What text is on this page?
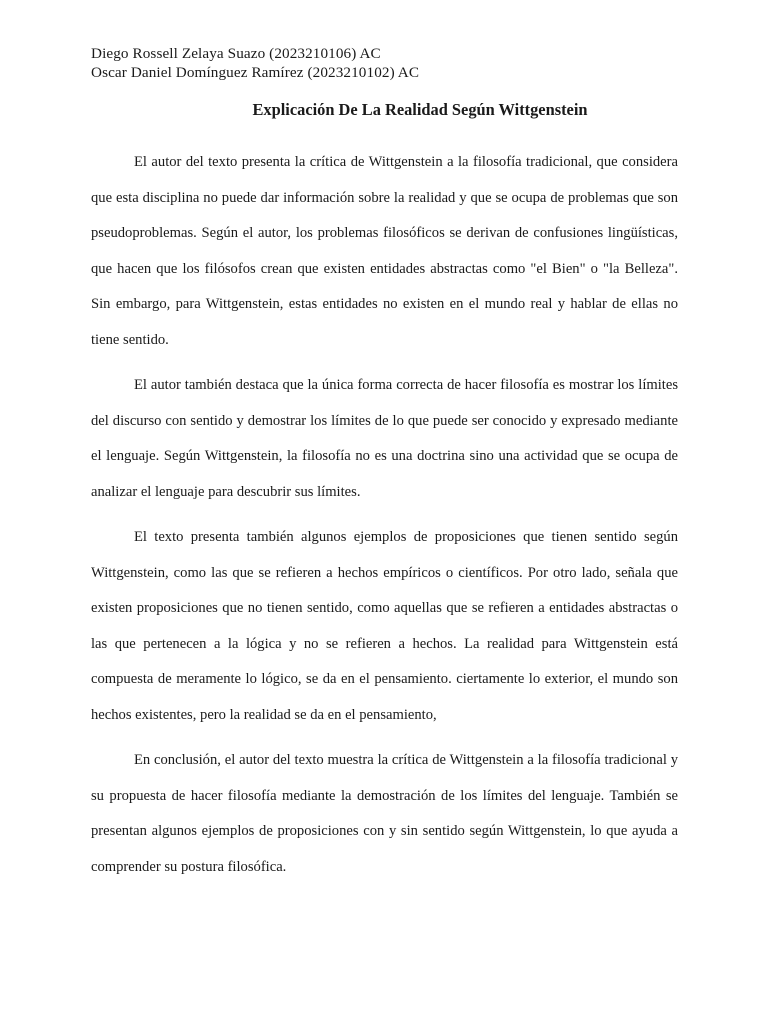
Diego Rossell Zelaya Suazo (2023210106) AC
Oscar Daniel Domínguez Ramírez (2023210102) AC
Explicación De La Realidad Según Wittgenstein

El autor del texto presenta la crítica de Wittgenstein a la filosofía tradicional, que considera que esta disciplina no puede dar información sobre la realidad y que se ocupa de problemas que son pseudoproblemas. Según el autor, los problemas filosóficos se derivan de confusiones lingüísticas, que hacen que los filósofos crean que existen entidades abstractas como "el Bien" o "la Belleza". Sin embargo, para Wittgenstein, estas entidades no existen en el mundo real y hablar de ellas no tiene sentido.

El autor también destaca que la única forma correcta de hacer filosofía es mostrar los límites del discurso con sentido y demostrar los límites de lo que puede ser conocido y expresado mediante el lenguaje. Según Wittgenstein, la filosofía no es una doctrina sino una actividad que se ocupa de analizar el lenguaje para descubrir sus límites.

El texto presenta también algunos ejemplos de proposiciones que tienen sentido según Wittgenstein, como las que se refieren a hechos empíricos o científicos. Por otro lado, señala que existen proposiciones que no tienen sentido, como aquellas que se refieren a entidades abstractas o las que pertenecen a la lógica y no se refieren a hechos. La realidad para Wittgenstein está compuesta de meramente lo lógico, se da en el pensamiento. ciertamente lo exterior, el mundo son hechos existentes, pero la realidad se da en el pensamiento,

En conclusión, el autor del texto muestra la crítica de Wittgenstein a la filosofía tradicional y su propuesta de hacer filosofía mediante la demostración de los límites del lenguaje. También se presentan algunos ejemplos de proposiciones con y sin sentido según Wittgenstein, lo que ayuda a comprender su postura filosófica.
